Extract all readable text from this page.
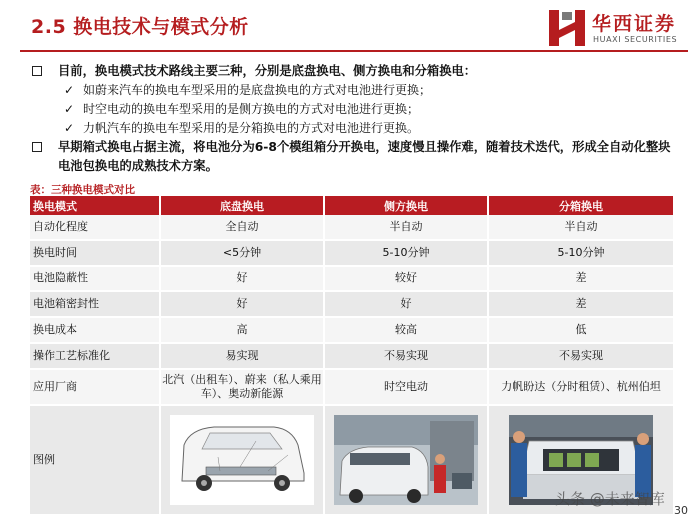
2.5 换电技术与模式分析	华西证券
HUAXI SECURITIES
目前，换电模式技术路线主要三种，分别是底盘换电、侧方换电和分箱换电：
✓ 如蔚来汽车的换电车型采用的是底盘换电的方式对电池进行更换；
✓ 时空电动的换电车型采用的是侧方换电的方式对电池进行更换；
✓ 力帆汽车的换电车型采用的是分箱换电的方式对电池进行更换。
早期箱式换电占据主流，将电池分为6-8个模组箱分开换电，速度慢且操作难，随着技术迭代，形成全自动化整块电池包换电的成熟技术方案。
表：三种换电模式对比
换电模式	底盘换电	侧方换电	分箱换电
自动化程度	全自动	半自动	半自动
换电时间	<5分钟	5-10分钟	5-10分钟
电池隐蔽性	好	较好	差
电池箱密封性	好	好	差
换电成本	高	较高	低
操作工艺标准化	易实现	不易实现	不易实现
应用厂商	北汽（出租车）、蔚来（私人乘用车）、奥动新能源	时空电动	力帆盼达（分时租赁）、杭州伯坦
图例	

头条 @未来智库
30
